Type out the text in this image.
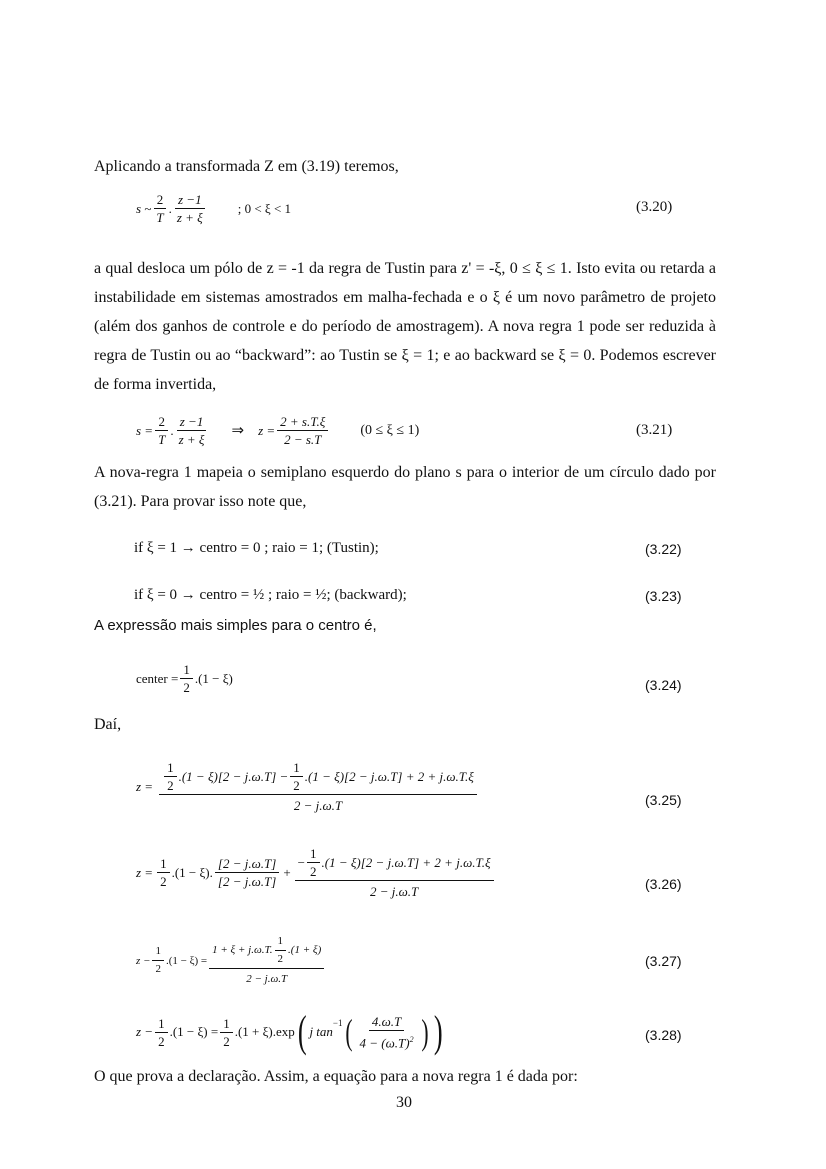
Aplicando a transformada Z em (3.19) teremos,
s ~ $\frac{2}{T}$ . $\frac{z -1}{z + \xi}$ ; 0 < ξ < 1	(3.20)
a qual desloca um pólo de z = -1 da regra de Tustin para z' = -ξ, 0 ≤ ξ ≤ 1. Isto evita ou retarda a instabilidade em sistemas amostrados em malha-fechada e o ξ é um novo parâmetro de projeto (além dos ganhos de controle e do período de amostragem). A nova regra 1 pode ser reduzida à regra de Tustin ou ao “backward”: ao Tustin se ξ = 1; e ao backward se ξ = 0. Podemos escrever de forma invertida,
$s = \frac{2}{T}$ . $\frac{z -1}{z + \xi}$ ⇒ $z = \frac{2 + s.T.\xi}{2 - s.T} (0 \le \xi \le 1)$	(3.21)
A nova-regra 1 mapeia o semiplano esquerdo do plano s para o interior de um círculo dado por (3.21). Para provar isso note que,
if ξ = 1 → centro = 0 ; raio = 1; (Tustin);	(3.22)
if ξ = 0 → centro = ½ ; raio = ½; (backward);	(3.23)
A expressão mais simples para o centro é,
center = $\frac{1}{2} .(1 - \xi)$	(3.24)
Daí,
$z = \frac{1}{2} .(1 - \xi)[2 - j.\omega.T] - \frac{1}{2} .(1 - \xi)[2 - j.\omega.T] + 2 + j.\omega.T.\xi$
2 − j.ω.T	(3.25)
$z = \frac{1}{2} .(1 - \xi)$. $\frac{[2 - j.\omega.T]}{[2 - j.\omega.T]} + \frac{- \frac{1}{2} .(1 - \xi)[2 - j.\omega.T] + 2 + j.\omega.T.\xi}{2 - j.\omega.T}$	(3.26)
$z - \frac{1}{2} .(1 - \xi) = \frac{1 + \xi + j.\omega.T. \frac{1}{2} .(1 + \xi)}{2 - j.\omega.T}$	(3.27)
$z - \frac{1}{2} .(1 - \xi) = \frac{1}{2} .(1 + \xi).\exp$ ( j tan
$^{-1}$ ( $\frac{4.\omega.T}{4 - (\omega.T)^2}$ ) )	(3.28)
O que prova a declaração. Assim, a equação para a nova regra 1 é dada por:
30
